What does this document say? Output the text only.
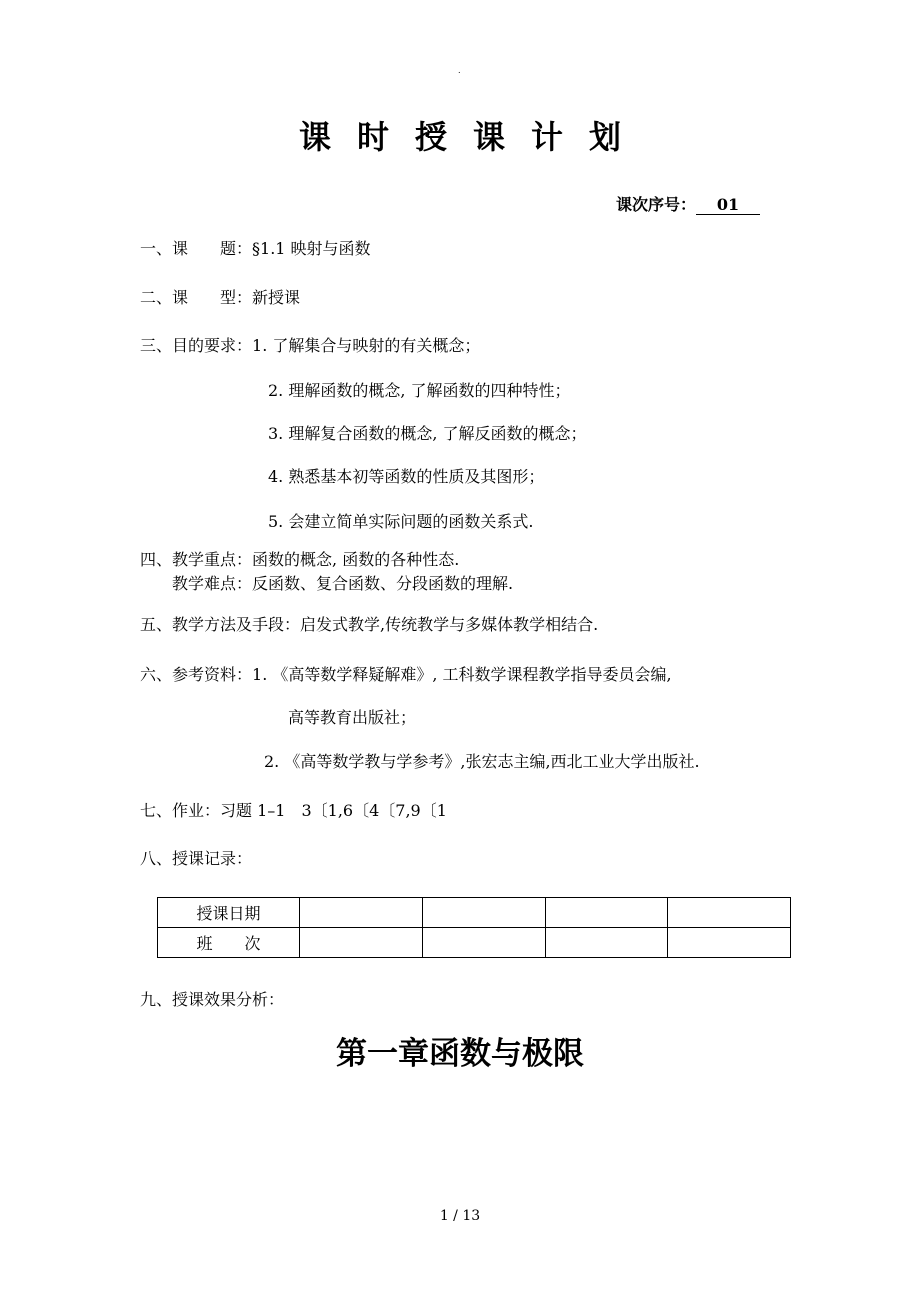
.
课时授课计划
课次序号： 01
一、课　　题：§1.1 映射与函数
二、课　　型：新授课
三、目的要求：1. 了解集合与映射的有关概念；
2. 理解函数的概念, 了解函数的四种特性；
3. 理解复合函数的概念, 了解反函数的概念；
4. 熟悉基本初等函数的性质及其图形；
5. 会建立简单实际问题的函数关系式.
四、教学重点：函数的概念, 函数的各种性态.
教学难点：反函数、复合函数、分段函数的理解.
五、教学方法及手段：启发式教学,传统教学与多媒体教学相结合.
六、参考资料：1. 《高等数学释疑解难》, 工科数学课程教学指导委员会编,
高等教育出版社；
2. 《高等数学教与学参考》,张宏志主编,西北工业大学出版社.
七、作业：习题 1–1　3〔1,6〔4〔7,9〔1
八、授课记录：
授课日期				
班　　次				
九、授课效果分析：
第一章函数与极限
1 / 13
